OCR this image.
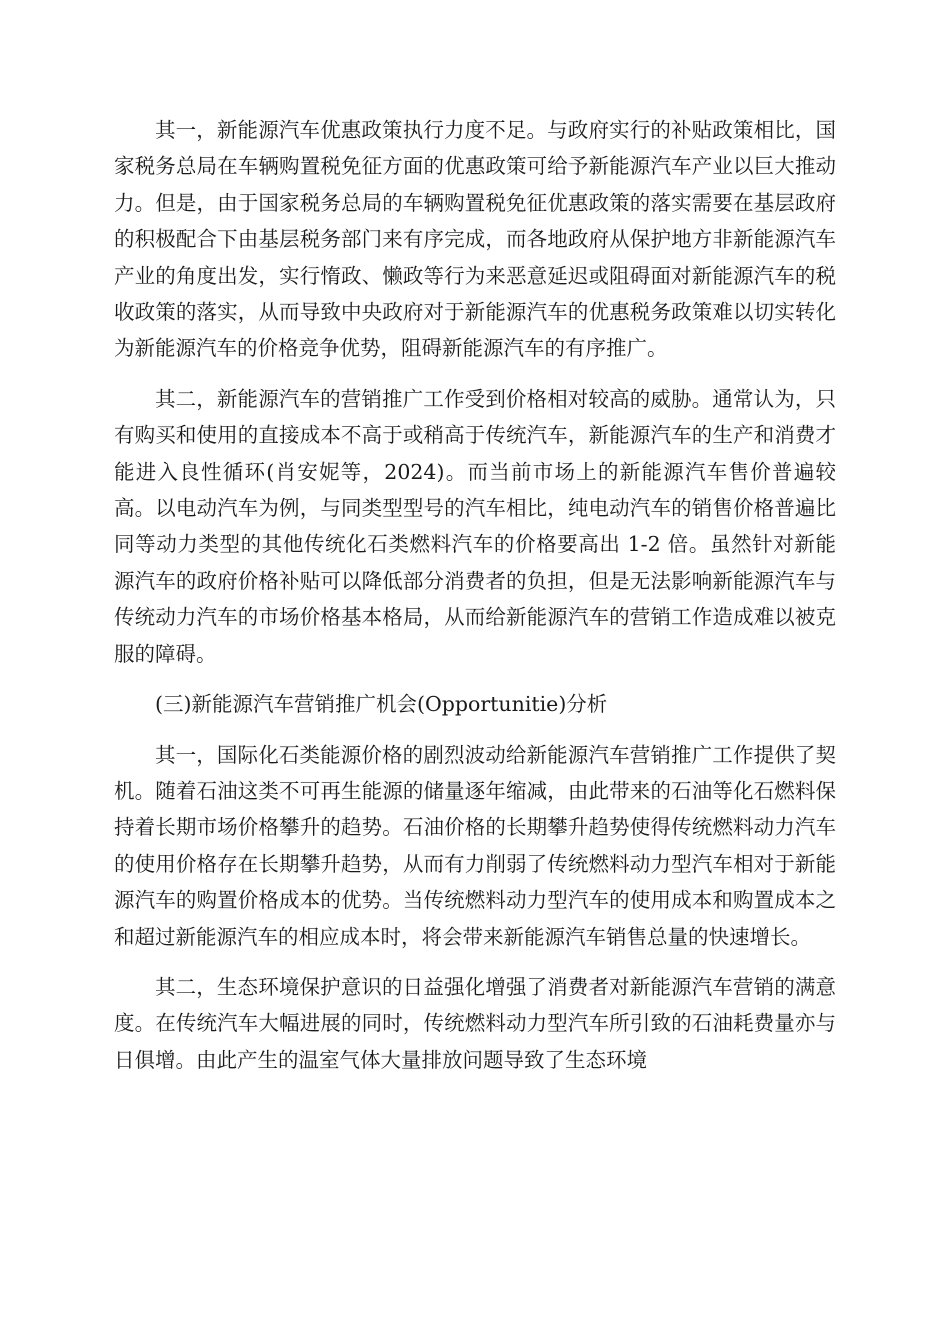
其一，新能源汽车优惠政策执行力度不足。与政府实行的补贴政策相比，国家税务总局在车辆购置税免征方面的优惠政策可给予新能源汽车产业以巨大推动力。但是，由于国家税务总局的车辆购置税免征优惠政策的落实需要在基层政府的积极配合下由基层税务部门来有序完成，而各地政府从保护地方非新能源汽车产业的角度出发，实行惰政、懒政等行为来恶意延迟或阻碍面对新能源汽车的税收政策的落实，从而导致中央政府对于新能源汽车的优惠税务政策难以切实转化为新能源汽车的价格竞争优势，阻碍新能源汽车的有序推广。

其二，新能源汽车的营销推广工作受到价格相对较高的威胁。通常认为，只有购买和使用的直接成本不高于或稍高于传统汽车，新能源汽车的生产和消费才能进入良性循环(肖安妮等，2024)。而当前市场上的新能源汽车售价普遍较高。以电动汽车为例，与同类型型号的汽车相比，纯电动汽车的销售价格普遍比同等动力类型的其他传统化石类燃料汽车的价格要高出 1-2 倍。虽然针对新能源汽车的政府价格补贴可以降低部分消费者的负担，但是无法影响新能源汽车与传统动力汽车的市场价格基本格局，从而给新能源汽车的营销工作造成难以被克服的障碍。

(三)新能源汽车营销推广机会(Opportunitie)分析

其一，国际化石类能源价格的剧烈波动给新能源汽车营销推广工作提供了契机。随着石油这类不可再生能源的储量逐年缩减，由此带来的石油等化石燃料保持着长期市场价格攀升的趋势。石油价格的长期攀升趋势使得传统燃料动力汽车的使用价格存在长期攀升趋势，从而有力削弱了传统燃料动力型汽车相对于新能源汽车的购置价格成本的优势。当传统燃料动力型汽车的使用成本和购置成本之和超过新能源汽车的相应成本时，将会带来新能源汽车销售总量的快速增长。

其二，生态环境保护意识的日益强化增强了消费者对新能源汽车营销的满意度。在传统汽车大幅进展的同时，传统燃料动力型汽车所引致的石油耗费量亦与日俱增。由此产生的温室气体大量排放问题导致了生态环境
